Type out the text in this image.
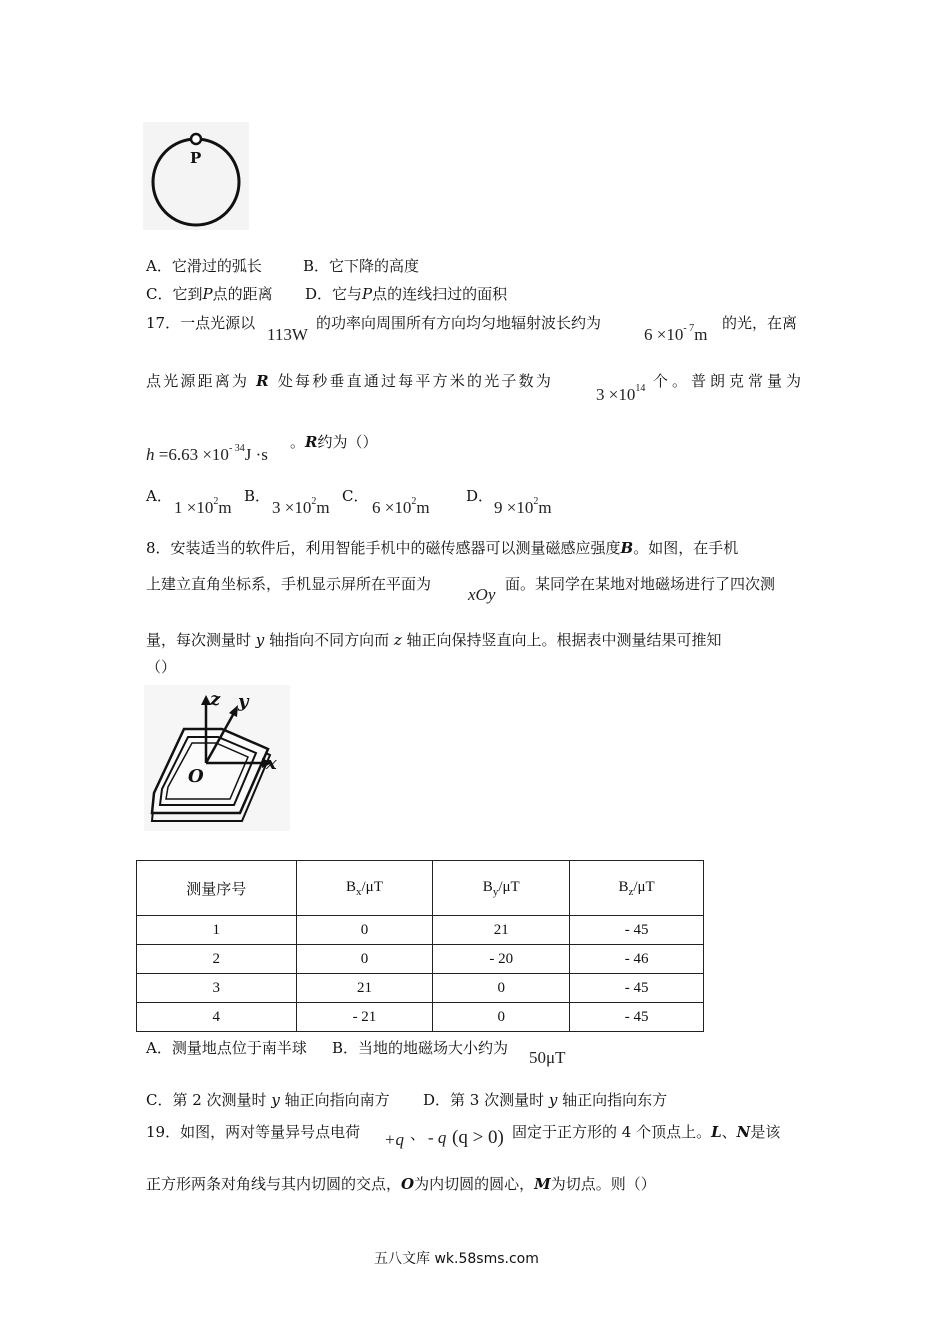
P
A．它滑过的弧长	B．它下降的高度
C．它到P点的距离 D．它与P点的连线扫过的面积
17．一点光源以
113W
的功率向周围所有方向均匀地辐射波长约为
$6 \times 10^{- 7}m$
的光，在离
点光源距离为 R 处每秒垂直通过每平方米的光子数为
$3 \times 10^{14}$ 个。普朗克常量为
$h =6.63 \times 10^{- 34}J \cdot s$
。R约为（）
A．
$1 \times 10^2m$
B．
$3 \times 10^2m$
C．
$6 \times 10^2m$
D．
$9 \times 10^2m$
8．安装适当的软件后，利用智能手机中的磁传感器可以测量磁感应强度B。如图，在手机
上建立直角坐标系，手机显示屏所在平面为
xOy
面。某同学在某地对地磁场进行了四次测
量，每次测量时 y 轴指向不同方向而 z 轴正向保持竖直向上。根据表中测量结果可推知
（）
z y
x
O
测量序号	$B_x/\mu T$	$B_y/\mu T$	$B_z/\mu T$
1	0	21	- 45
2	0	- 20	- 46
3	21	0	- 45
4	- 21	0	- 45
A．测量地点位于南半球 B．当地的地磁场大小约为 50μT
C．第 2 次测量时 y 轴正向指向南方 D．第 3 次测量时 y 轴正向指向东方
19．如图，两对等量异号点电荷 +q 、 - q (q > 0) 固定于正方形的 4 个顶点上。L、N是该
正方形两条对角线与其内切圆的交点，O为内切圆的圆心，M为切点。则（）
五八文库 wk.58sms.com
